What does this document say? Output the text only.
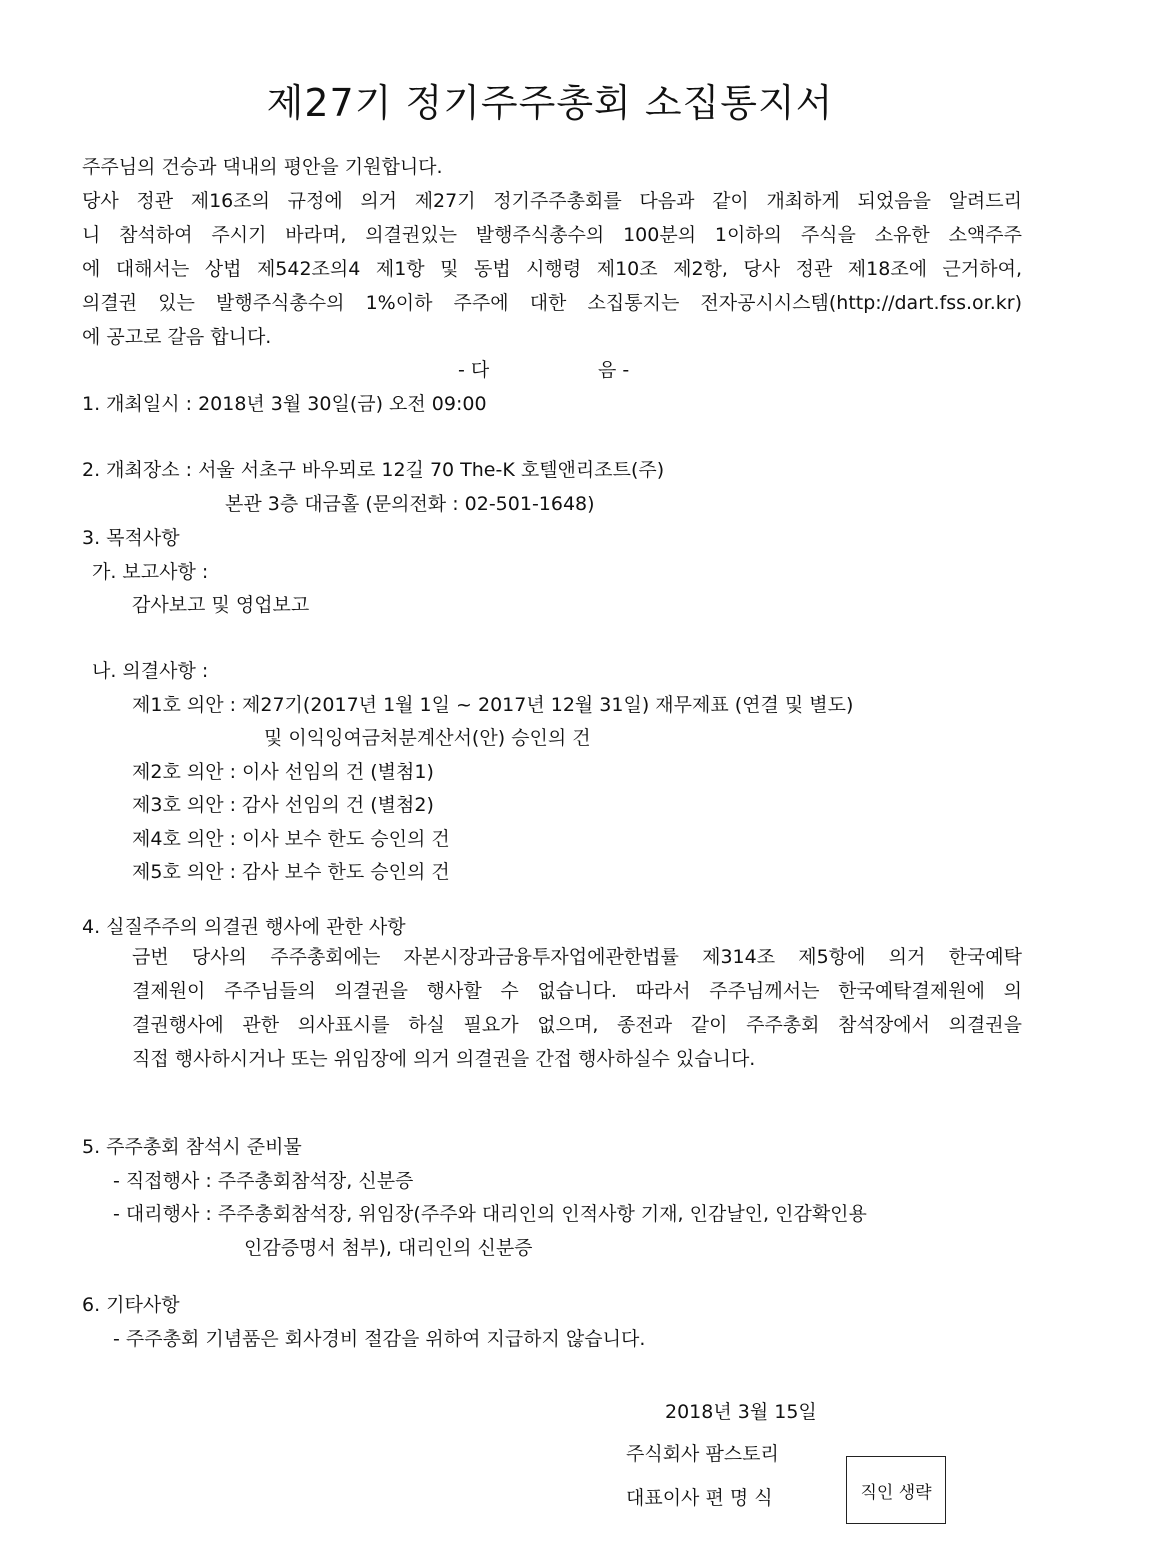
제27기 정기주주총회 소집통지서
주주님의 건승과 댁내의 평안을 기원합니다.
당사 정관 제16조의 규정에 의거 제27기 정기주주총회를 다음과 같이 개최하게 되었음을 알려드리
니 참석하여 주시기 바라며, 의결권있는 발행주식총수의 100분의 1이하의 주식을 소유한 소액주주
에 대해서는 상법 제542조의4 제1항 및 동법 시행령 제10조 제2항, 당사 정관 제18조에 근거하여,
의결권 있는 발행주식총수의 1%이하 주주에 대한 소집통지는 전자공시시스템(http://dart.fss.or.kr)
에 공고로 갈음 합니다.
- 다	음 -
1. 개최일시 : 2018년 3월 30일(금) 오전 09:00
2. 개최장소 : 서울 서초구 바우뫼로 12길 70 The-K 호텔앤리조트(주)
본관 3층 대금홀 (문의전화 : 02-501-1648)
3. 목적사항
가. 보고사항 :
감사보고 및 영업보고
나. 의결사항 :
제1호 의안 : 제27기(2017년 1월 1일 ~ 2017년 12월 31일) 재무제표 (연결 및 별도)
및 이익잉여금처분계산서(안) 승인의 건
제2호 의안 : 이사 선임의 건 (별첨1)
제3호 의안 : 감사 선임의 건 (별첨2)
제4호 의안 : 이사 보수 한도 승인의 건
제5호 의안 : 감사 보수 한도 승인의 건
4. 실질주주의 의결권 행사에 관한 사항
금번 당사의 주주총회에는 자본시장과금융투자업에관한법률 제314조 제5항에 의거 한국예탁
결제원이 주주님들의 의결권을 행사할 수 없습니다. 따라서 주주님께서는 한국예탁결제원에 의
결권행사에 관한 의사표시를 하실 필요가 없으며, 종전과 같이 주주총회 참석장에서 의결권을
직접 행사하시거나 또는 위임장에 의거 의결권을 간접 행사하실수 있습니다.
5. 주주총회 참석시 준비물
- 직접행사 : 주주총회참석장, 신분증
- 대리행사 : 주주총회참석장, 위임장(주주와 대리인의 인적사항 기재, 인감날인, 인감확인용
인감증명서 첨부), 대리인의 신분증
6. 기타사항
- 주주총회 기념품은 회사경비 절감을 위하여 지급하지 않습니다.
2018년 3월 15일
주식회사 팜스토리
대표이사 편 명 식	직인 생략
